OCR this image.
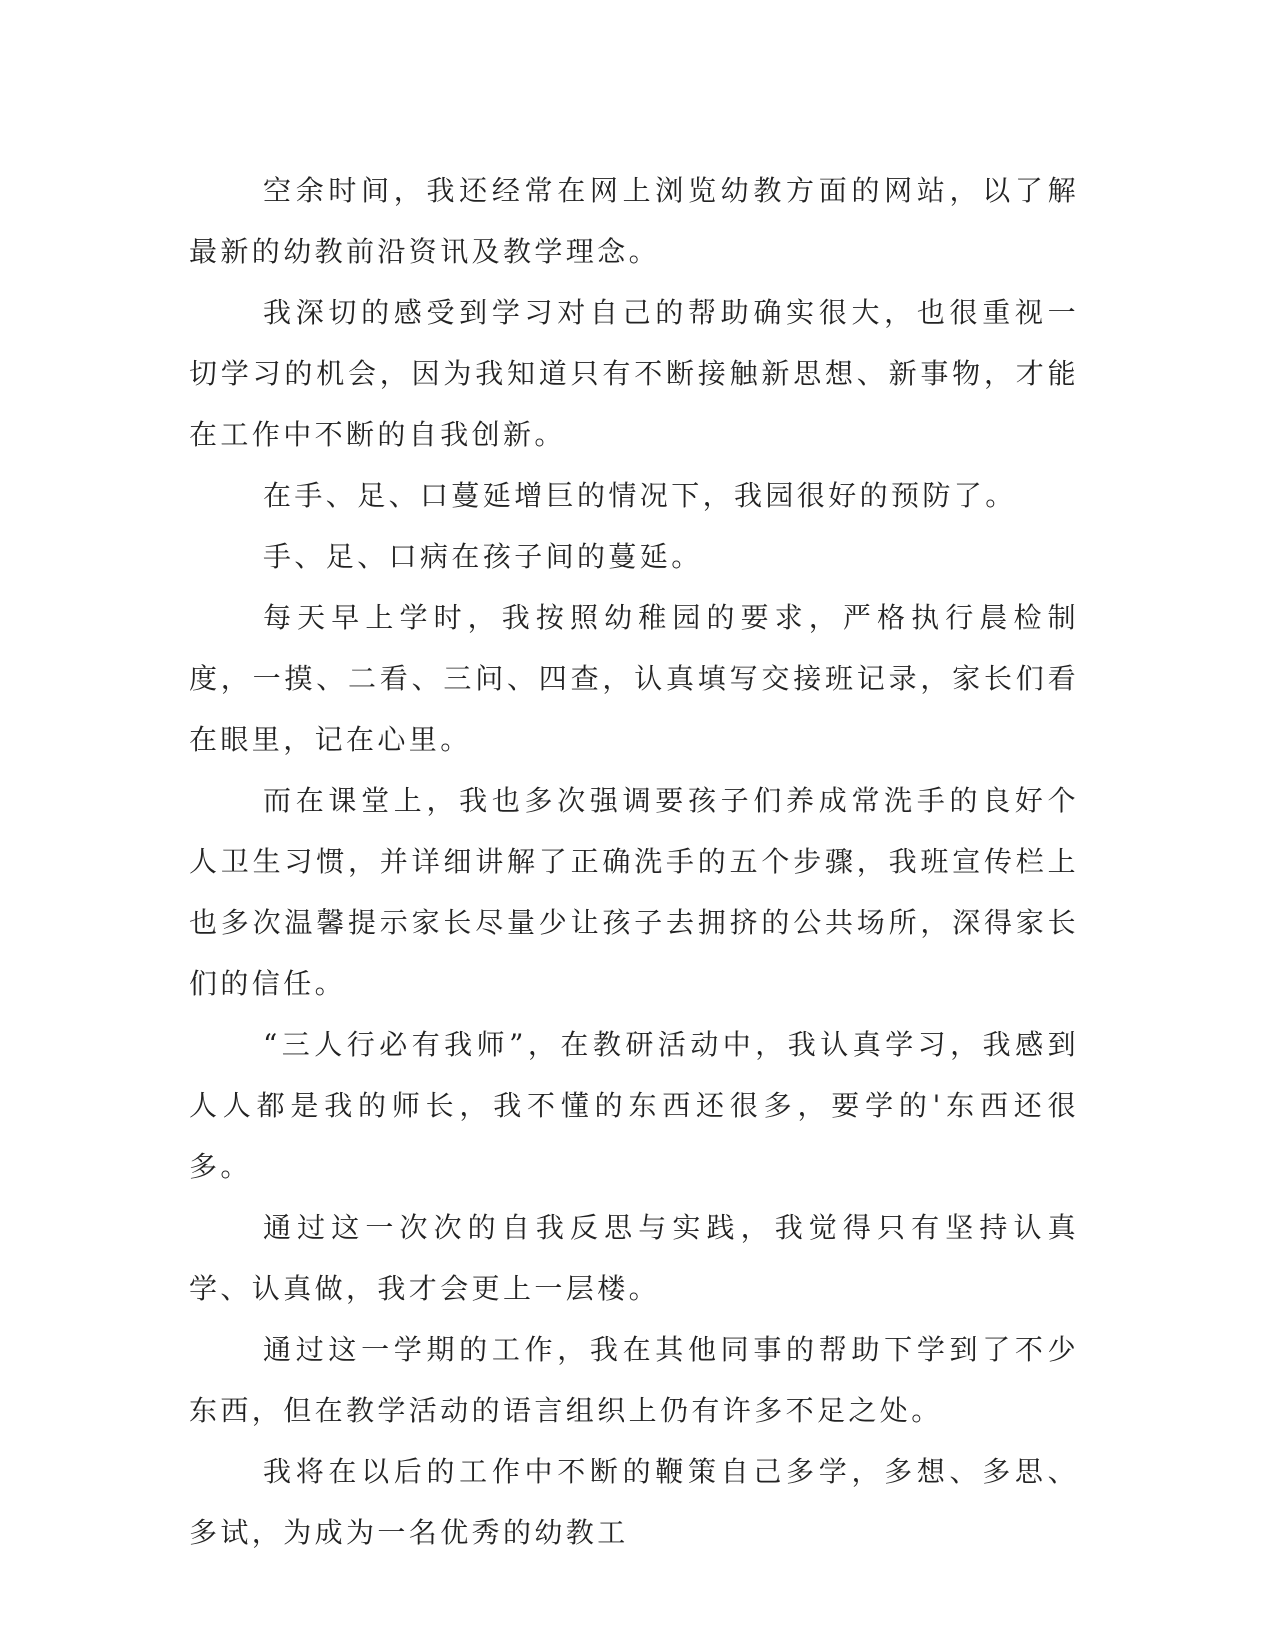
空余时间，我还经常在网上浏览幼教方面的网站，以了解最新的幼教前沿资讯及教学理念。

我深切的感受到学习对自己的帮助确实很大，也很重视一切学习的机会，因为我知道只有不断接触新思想、新事物，才能在工作中不断的自我创新。

在手、足、口蔓延增巨的情况下，我园很好的预防了。

手、足、口病在孩子间的蔓延。

每天早上学时，我按照幼稚园的要求，严格执行晨检制度，一摸、二看、三问、四查，认真填写交接班记录，家长们看在眼里，记在心里。

而在课堂上，我也多次强调要孩子们养成常洗手的良好个人卫生习惯，并详细讲解了正确洗手的五个步骤，我班宣传栏上也多次温馨提示家长尽量少让孩子去拥挤的公共场所，深得家长们的信任。

“三人行必有我师”，在教研活动中，我认真学习，我感到人人都是我的师长，我不懂的东西还很多，要学的'东西还很多。

通过这一次次的自我反思与实践，我觉得只有坚持认真学、认真做，我才会更上一层楼。

通过这一学期的工作，我在其他同事的帮助下学到了不少东西，但在教学活动的语言组织上仍有许多不足之处。

我将在以后的工作中不断的鞭策自己多学，多想、多思、多试，为成为一名优秀的幼教工
